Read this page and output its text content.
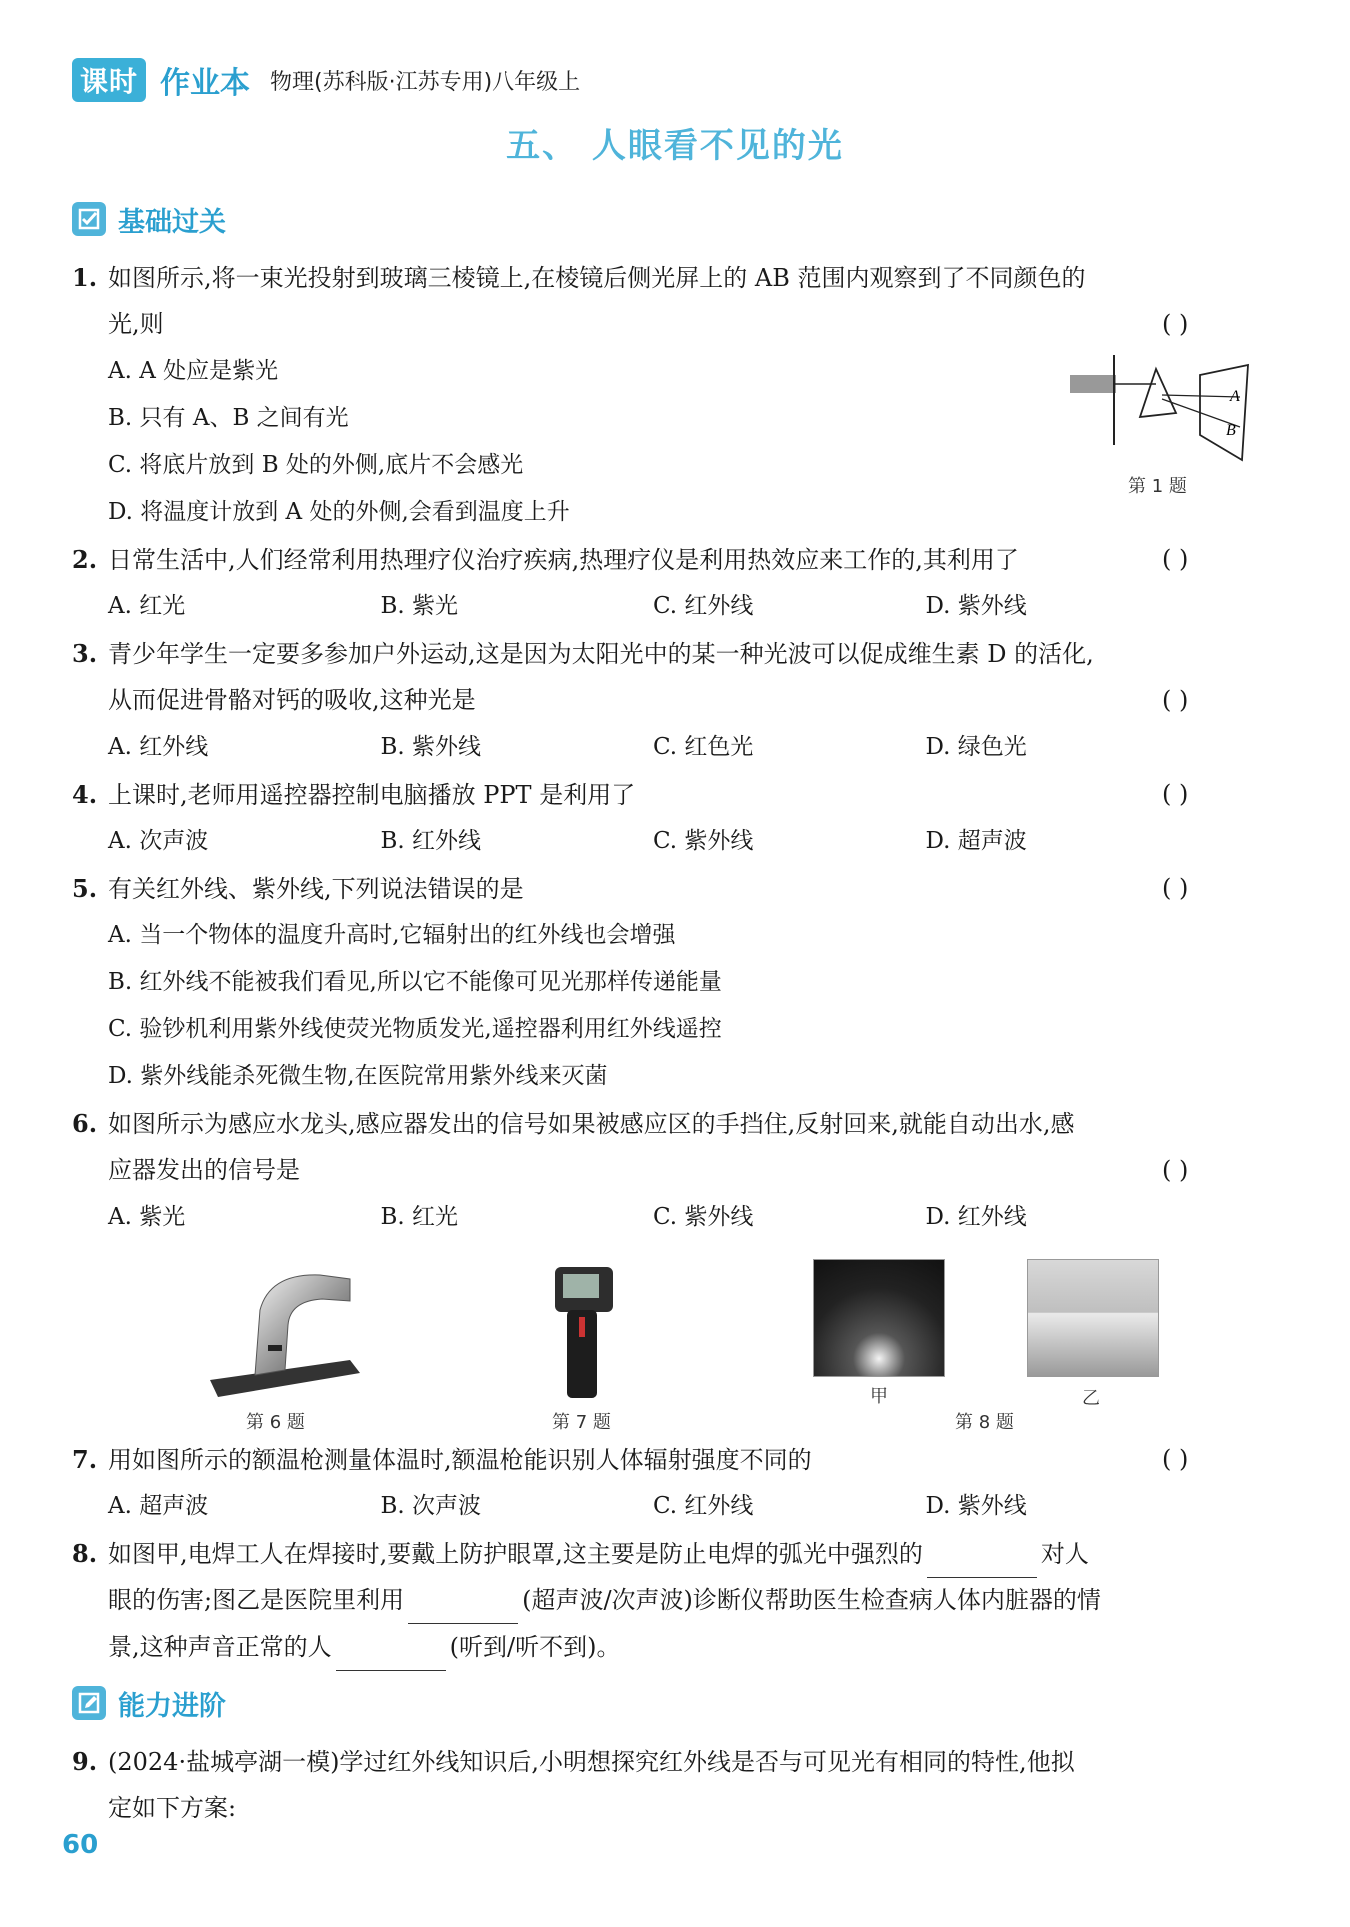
课时 作业本 物理(苏科版·江苏专用)八年级上
五、 人眼看不见的光
基础过关
1. 如图所示,将一束光投射到玻璃三棱镜上,在棱镜后侧光屏上的 AB 范围内观察到了不同颜色的
光,则	( )
A. A 处应是紫光
B. 只有 A、B 之间有光
C. 将底片放到 B 处的外侧,底片不会感光
D. 将温度计放到 A 处的外侧,会看到温度上升
A
B
第 1 题
2. 日常生活中,人们经常利用热理疗仪治疗疾病,热理疗仪是利用热效应来工作的,其利用了	( )
A. 红光	B. 紫光	C. 红外线	D. 紫外线
3. 青少年学生一定要多参加户外运动,这是因为太阳光中的某一种光波可以促成维生素 D 的活化,
从而促进骨骼对钙的吸收,这种光是	( )
A. 红外线	B. 紫外线	C. 红色光	D. 绿色光
4. 上课时,老师用遥控器控制电脑播放 PPT 是利用了	( )
A. 次声波	B. 红外线	C. 紫外线	D. 超声波
5. 有关红外线、紫外线,下列说法错误的是	( )
A. 当一个物体的温度升高时,它辐射出的红外线也会增强
B. 红外线不能被我们看见,所以它不能像可见光那样传递能量
C. 验钞机利用紫外线使荧光物质发光,遥控器利用红外线遥控
D. 紫外线能杀死微生物,在医院常用紫外线来灭菌
6. 如图所示为感应水龙头,感应器发出的信号如果被感应区的手挡住,反射回来,就能自动出水,感
应器发出的信号是	( )
A. 紫光	B. 红光	C. 紫外线	D. 红外线
第 6 题	第 7 题
甲	乙
第 8 题
7. 用如图所示的额温枪测量体温时,额温枪能识别人体辐射强度不同的	( )
A. 超声波	B. 次声波	C. 红外线	D. 紫外线
8. 如图甲,电焊工人在焊接时,要戴上防护眼罩,这主要是防止电焊的弧光中强烈的	对人
眼的伤害;图乙是医院里利用	(超声波/次声波)诊断仪帮助医生检查病人体内脏器的情
景,这种声音正常的人	(听到/听不到)。
能力进阶
9. (2024·盐城亭湖一模)学过红外线知识后,小明想探究红外线是否与可见光有相同的特性,他拟
定如下方案:
60
